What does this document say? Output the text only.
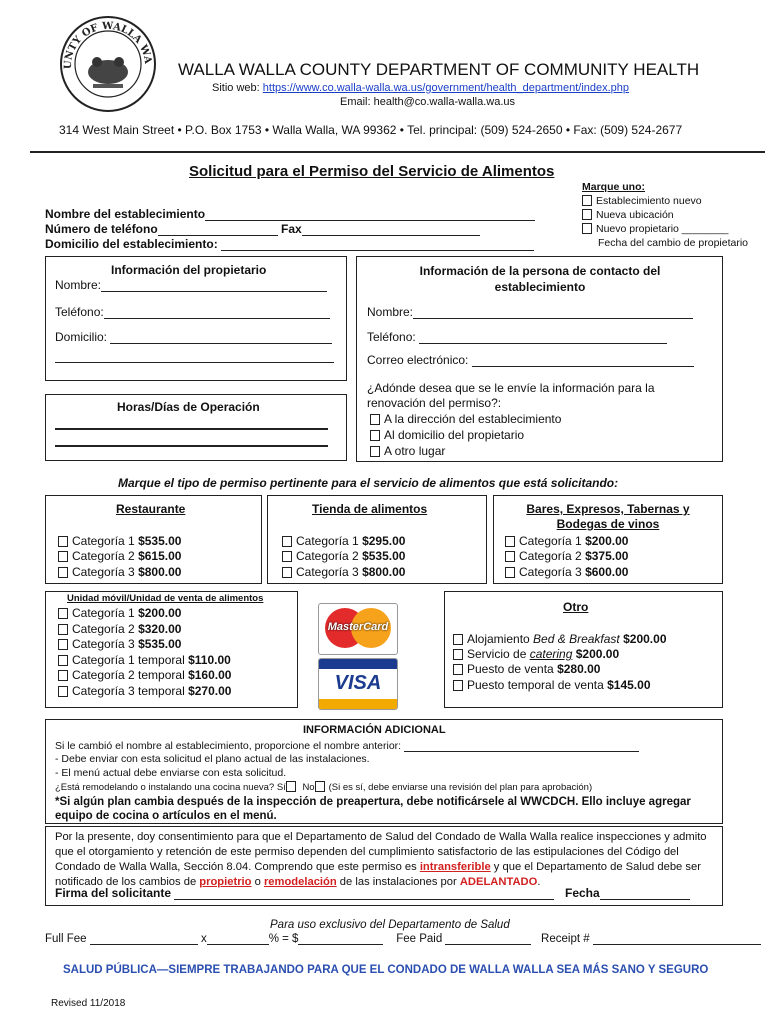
UNTY OF WALLA WA
WALLA WALLA COUNTY DEPARTMENT OF COMMUNITY HEALTH
Sitio web: https://www.co.walla-walla.wa.us/government/health_department/index.php
Email: health@co.walla-walla.wa.us
314 West Main Street • P.O. Box 1753 • Walla Walla, WA 99362 • Tel. principal: (509) 524-2650 • Fax: (509) 524-2677
Solicitud para el Permiso del Servicio de Alimentos
Marque uno:
Establecimiento nuevo
Nueva ubicación
Nuevo propietario ________
Fecha del cambio de propietario
Nombre del establecimiento
Número de teléfono	Fax
Domicilio del establecimiento:
Información del propietario
Nombre:
Teléfono:
Domicilio:
Horas/Días de Operación
Información de la persona de contacto del establecimiento
Nombre:
Teléfono:
Correo electrónico:
¿Adónde desea que se le envíe la información para la renovación del permiso?:
A la dirección del establecimiento
Al domicilio del propietario
A otro lugar
Marque el tipo de permiso pertinente para el servicio de alimentos que está solicitando:
Restaurante
Categoría 1 $535.00
Categoría 2 $615.00
Categoría 3 $800.00
Tienda de alimentos
Categoría 1 $295.00
Categoría 2 $535.00
Categoría 3 $800.00
Bares, Expresos, Tabernas y Bodegas de vinos
Categoría 1 $200.00
Categoría 2 $375.00
Categoría 3 $600.00
Unidad móvil/Unidad de venta de alimentos
Categoría 1 $200.00
Categoría 2 $320.00
Categoría 3 $535.00
Categoría 1 temporal $110.00
Categoría 2 temporal $160.00
Categoría 3 temporal $270.00
MasterCard
VISA
Otro
Alojamiento Bed & Breakfast $200.00
Servicio de catering $200.00
Puesto de venta $280.00
Puesto temporal de venta $145.00
INFORMACIÓN ADICIONAL
Si le cambió el nombre al establecimiento, proporcione el nombre anterior:
- Debe enviar con esta solicitud el plano actual de las instalaciones.
- El menú actual debe enviarse con esta solicitud.
¿Está remodelando o instalando una cocina nueva? Sí No (Si es sí, debe enviarse una revisión del plan para aprobación)
*Si algún plan cambia después de la inspección de preapertura, debe notificársele al WWCDCH. Ello incluye agregar equipo de cocina o artículos en el menú.
Por la presente, doy consentimiento para que el Departamento de Salud del Condado de Walla Walla realice inspecciones y admito que el otorgamiento y retención de este permiso dependen del cumplimiento satisfactorio de las estipulaciones del Código del Condado de Walla Walla, Sección 8.04. Comprendo que este permiso es intransferible y que el Departamento de Salud debe ser notificado de los cambios de propietrio o remodelación de las instalaciones por ADELANTADO.
Firma del solicitante	Fecha
Para uso exclusivo del Departamento de Salud
Full Fee	x	% = $	Fee Paid	Receipt #
SALUD PÚBLICA—SIEMPRE TRABAJANDO PARA QUE EL CONDADO DE WALLA WALLA SEA MÁS SANO Y SEGURO
Revised 11/2018
